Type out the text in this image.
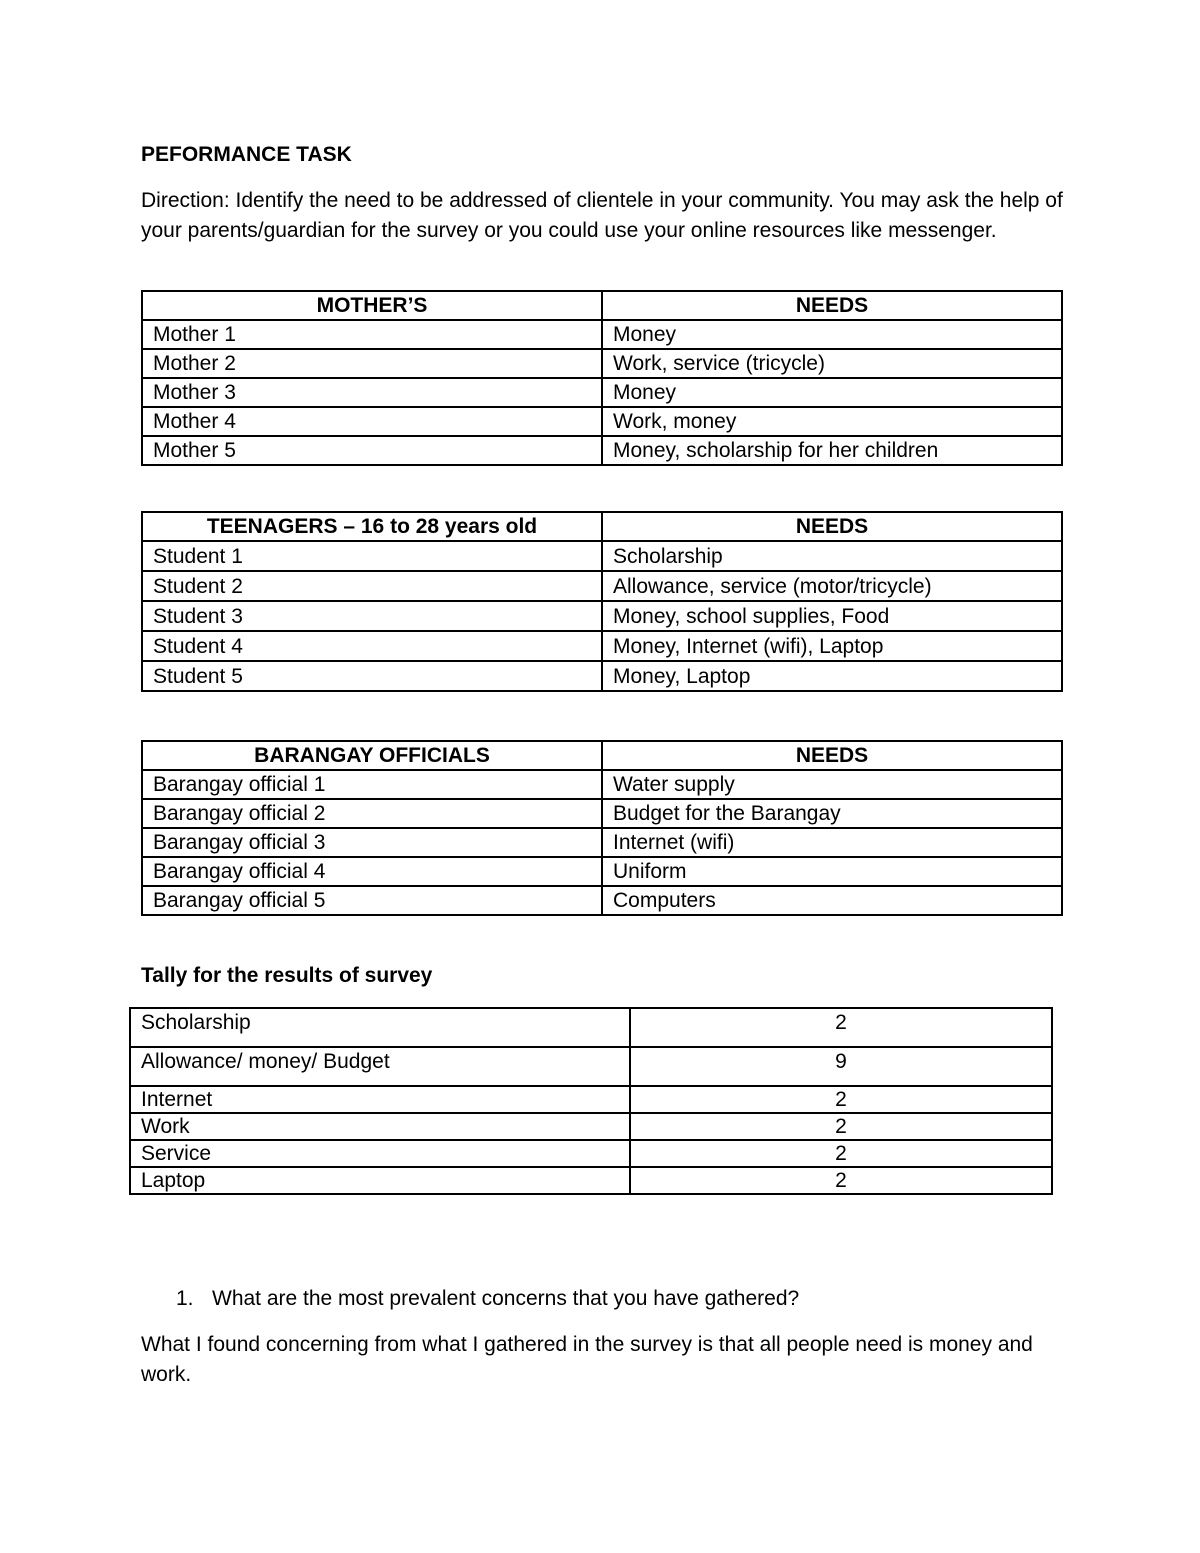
PEFORMANCE TASK

Direction: Identify the need to be addressed of clientele in your community. You may ask the help of your parents/guardian for the survey or you could use your online resources like messenger.

MOTHER’S	NEEDS
Mother 1	Money
Mother 2	Work, service (tricycle)
Mother 3	Money
Mother 4	Work, money
Mother 5	Money, scholarship for her children
TEENAGERS – 16 to 28 years old	NEEDS
Student 1	Scholarship
Student 2	Allowance, service (motor/tricycle)
Student 3	Money, school supplies, Food
Student 4	Money, Internet (wifi), Laptop
Student 5	Money, Laptop
BARANGAY OFFICIALS	NEEDS
Barangay official 1	Water supply
Barangay official 2	Budget for the Barangay
Barangay official 3	Internet (wifi)
Barangay official 4	Uniform
Barangay official 5	Computers
Tally for the results of survey
Scholarship	2
Allowance/ money/ Budget	9
Internet	2
Work	2
Service	2
Laptop	2

1. What are the most prevalent concerns that you have gathered?

What I found concerning from what I gathered in the survey is that all people need is money and work.
